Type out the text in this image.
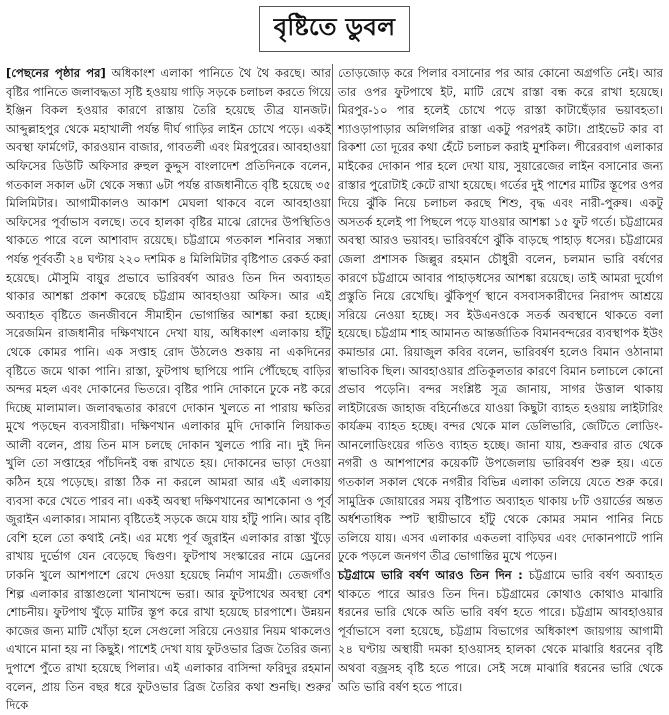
বৃষ্টিতে ডুবল

[পেছনের পৃষ্ঠার পর] অধিকাংশ এলাকা পানিতে থৈ থৈ করছে। আর বৃষ্টির পানিতে জলাবদ্ধতা সৃষ্টি হওয়ায় গাড়ি সড়কে চলাচল করতে গিয়ে ইঞ্জিন বিকল হওয়ার কারণে রাস্তায় তৈরি হয়েছে তীব্র যানজট। আব্দুল্লাহপুর থেকে মহাখালী পর্যন্ত দীর্ঘ গাড়ির লাইন চোখে পড়ে। একই অবস্থা ফার্মগেট, কারওয়ান বাজার, গাবতলী এবং মিরপুরের। আবহাওয়া অফিসের ডিউটি অফিসার রুহুল কুদ্দুস বাংলাদেশ প্রতিদিনকে বলেন, গতকাল সকাল ৬টা থেকে সন্ধ্যা ৬টা পর্যন্ত রাজধানীতে বৃষ্টি হয়েছে ৩৫ মিলিমিটার। আগামীকালও আকাশ মেঘলা থাকবে বলে আবহাওয়া অফিসের পূর্বাভাস বলছে। তবে হালকা বৃষ্টির মাঝে রোদের উপস্থিতিও থাকতে পারে বলে আশাবাদ রয়েছে। চট্টগ্রামে গতকাল শনিবার সন্ধ্যা পর্যন্ত পূর্ববর্তী ২৪ ঘণ্টায় ২২০ দশমিক ৪ মিলিমিটার বৃষ্টিপাত রেকর্ড করা হয়েছে। মৌসুমি বায়ুর প্রভাবে ভারিবর্ষণ আরও তিন দিন অব্যাহত থাকার আশঙ্কা প্রকাশ করেছে চট্টগ্রাম আবহাওয়া অফিস। আর এই অব্যাহত বৃষ্টিতে জনজীবনে সীমাহীন ভোগান্তির আশঙ্কা করা হচ্ছে। সরেজমিন রাজধানীর দক্ষিণখানে দেখা যায়, অধিকাংশ এলাকায় হাঁটু থেকে কোমর পানি। এক সপ্তাহ রোদ উঠলেও শুকায় না একদিনের বৃষ্টিতে জমে থাকা পানি। রাস্তা, ফুটপাথ ছাপিয়ে পানি পৌঁছেছে বাড়ির অন্দর মহল এবং দোকানের ভিতরে। বৃষ্টির পানি দোকানে ঢুকে নষ্ট করে দিচ্ছে মালামাল। জলাবদ্ধতার কারণে দোকান খুলতে না পারায় ক্ষতির মুখে পড়ছেন ব্যবসায়ীরা। দক্ষিণখান এলাকার মুদি দোকানি লিয়াকত আলী বলেন, প্রায় তিন মাস চলছে দোকান খুলতে পারি না। দুই দিন খুলি তো সপ্তাহের পাঁচদিনই বন্ধ রাখতে হয়। দোকানের ভাড়া দেওয়া কঠিন হয়ে পড়েছে। রাস্তা ঠিক না করলে আমরা আর এই এলাকায় ব্যবসা করে খেতে পারব না। একই অবস্থা দক্ষিণখানের আশকোনা ও পূর্ব জুরাইন এলাকার। সামান্য বৃষ্টিতেই সড়কে জমে যায় হাঁটু পানি। আর বৃষ্টি বেশি হলে তো কথাই নেই। এর মধ্যে পূর্ব জুরাইন এলাকার রাস্তা খুঁড়ে রাখায় দুর্ভোগ যেন বেড়েছে দ্বিগুণ। ফুটপাথ সংস্কারের নামে ড্রেনের ঢাকনি খুলে আশপাশে রেখে দেওয়া হয়েছে নির্মাণ সামগ্রী। তেজগাঁও শিল্প এলাকার রাস্তাগুলো খানাখন্দে ভরা। আর ফুটপাথের অবস্থা বেশ শোচনীয়। ফুটপাথ খুঁড়ে মাটির স্তূপ করে রাখা হয়েছে চারপাশে। উন্নয়ন কাজের জন্য মাটি খোঁড়া হলে সেগুলো সরিয়ে নেওয়ার নিয়ম থাকলেও এখানে মানা হয় না কিছুই। পাশেই দেখা যায় ফুটওভার ব্রিজ তৈরির জন্য দুপাশে পুঁতে রাখা হয়েছে পিলার। এই এলাকার বাসিন্দা ফরিদুর রহমান বলেন, প্রায় তিন বছর ধরে ফুটওভার ব্রিজ তৈরির কথা শুনছি। শুরুর দিকে

তোড়জোড় করে পিলার বসানোর পর আর কোনো অগ্রগতি নেই। আর তার ওপর ফুটপাথে ইট, মাটি রেখে রাস্তা বন্ধ করে রাখা হয়েছে। মিরপুর-১০ পার হলেই চোখে পড়ে রাস্তা কাটাছেঁড়ার ভয়াবহতা। শ্যাওড়াপাড়ার অলিগলির রাস্তা একটু পরপরই কাটা। প্রাইভেট কার বা রিকশা তো দূরের কথা হেঁটে চলাচল করাই মুশকিল। পীরেরবাগ এলাকার মাইকের দোকান পার হলে দেখা যায়, সুয়ারেজের লাইন বসানোর জন্য রাস্তার পুরোটাই কেটে রাখা হয়েছে। গর্তের দুই পাশের মাটির স্তূপের ওপর দিয়ে ঝুঁকি নিয়ে চলাচল করছে শিশু, বৃদ্ধ এবং নারী-পুরুষ। একটু অসতর্ক হলেই পা পিছলে পড়ে যাওয়ার আশঙ্কা ১৫ ফুট গর্তে। চট্টগ্রামের অবস্থা আরও ভয়াবহ। ভারিবর্ষণে ঝুঁকি বাড়ছে পাহাড় ধসের। চট্টগ্রামের জেলা প্রশাসক জিল্লুর রহমান চৌধুরী বলেন, চলমান ভারি বর্ষণের কারণে চট্টগ্রামে আবার পাহাড়ধসের আশঙ্কা রয়েছে। তাই আমরা দুর্যোগ প্রস্তুতি নিয়ে রেখেছি। ঝুঁকিপূর্ণ স্থানে বসবাসকারীদের নিরাপদ আশ্রয়ে সরিয়ে নেওয়া হচ্ছে। সব ইউএনওকে সতর্ক অবস্থানে থাকতে বলা হয়েছে। চট্টগ্রাম শাহ আমানত আন্তর্জাতিক বিমানবন্দরের ব্যবস্থাপক ইউং কমান্ডার মো. রিয়াজুল কবির বলেন, ভারিবর্ষণ হলেও বিমান ওঠানামা স্বাভাবিক ছিল। আবহাওয়ার প্রতিকূলতার কারণে বিমান চলাচলে কোনো প্রভাব পড়েনি। বন্দর সংশ্লিষ্ট সূত্র জানায়, সাগর উত্তাল থাকায় লাইটারেজ জাহাজ বহির্নোঙরে যাওয়া কিছুটা ব্যাহত হওয়ায় লাইটারিং কার্যক্রম ব্যাহত হচ্ছে। বন্দর থেকে মাল ডেলিভারি, জেটিতে লোডিং-আনলোডিংয়ের গতিও ব্যাহত হচ্ছে। জানা যায়, শুক্রবার রাত থেকে নগরী ও আশপাশের কয়েকটি উপজেলায় ভারিবর্ষণ শুরু হয়। এতে গতকাল সকাল থেকে নগরীর বিভিন্ন এলাকা তলিয়ে যেতে শুরু করে। সামুদ্রিক জোয়ারের সময় বৃষ্টিপাত অব্যাহত থাকায় ৮টি ওয়ার্ডের অন্তত অর্ধশতাধিক স্পট স্থায়ীভাবে হাঁটু থেকে কোমর সমান পানির নিচে তলিয়ে যায়। এসব এলাকার একতলা বাড়িঘর এবং দোকানপাটে পানি ঢুকে পড়লে জনগণ তীব্র ভোগান্তির মুখে পড়েন।

চট্টগ্রামে ভারি বর্ষণ আরও তিন দিন : চট্টগ্রামে ভারি বর্ষণ অব্যাহত থাকতে পারে আরও তিন দিন। চট্টগ্রামের কোথাও কোথাও মাঝারি ধরনের ভারি থেকে অতি ভারি বর্ষণ হতে পারে। চট্টগ্রাম আবহাওয়ার পূর্বাভাসে বলা হয়েছে, চট্টগ্রাম বিভাগের অধিকাংশ জায়গায় আগামী ২৪ ঘণ্টায় অস্থায়ী দমকা হাওয়াসহ হালকা থেকে মাঝারি ধরনের বৃষ্টি অথবা বজ্রসহ বৃষ্টি হতে পারে। সেই সঙ্গে মাঝারি ধরনের ভারি থেকে অতি ভারি বর্ষণ হতে পারে।
